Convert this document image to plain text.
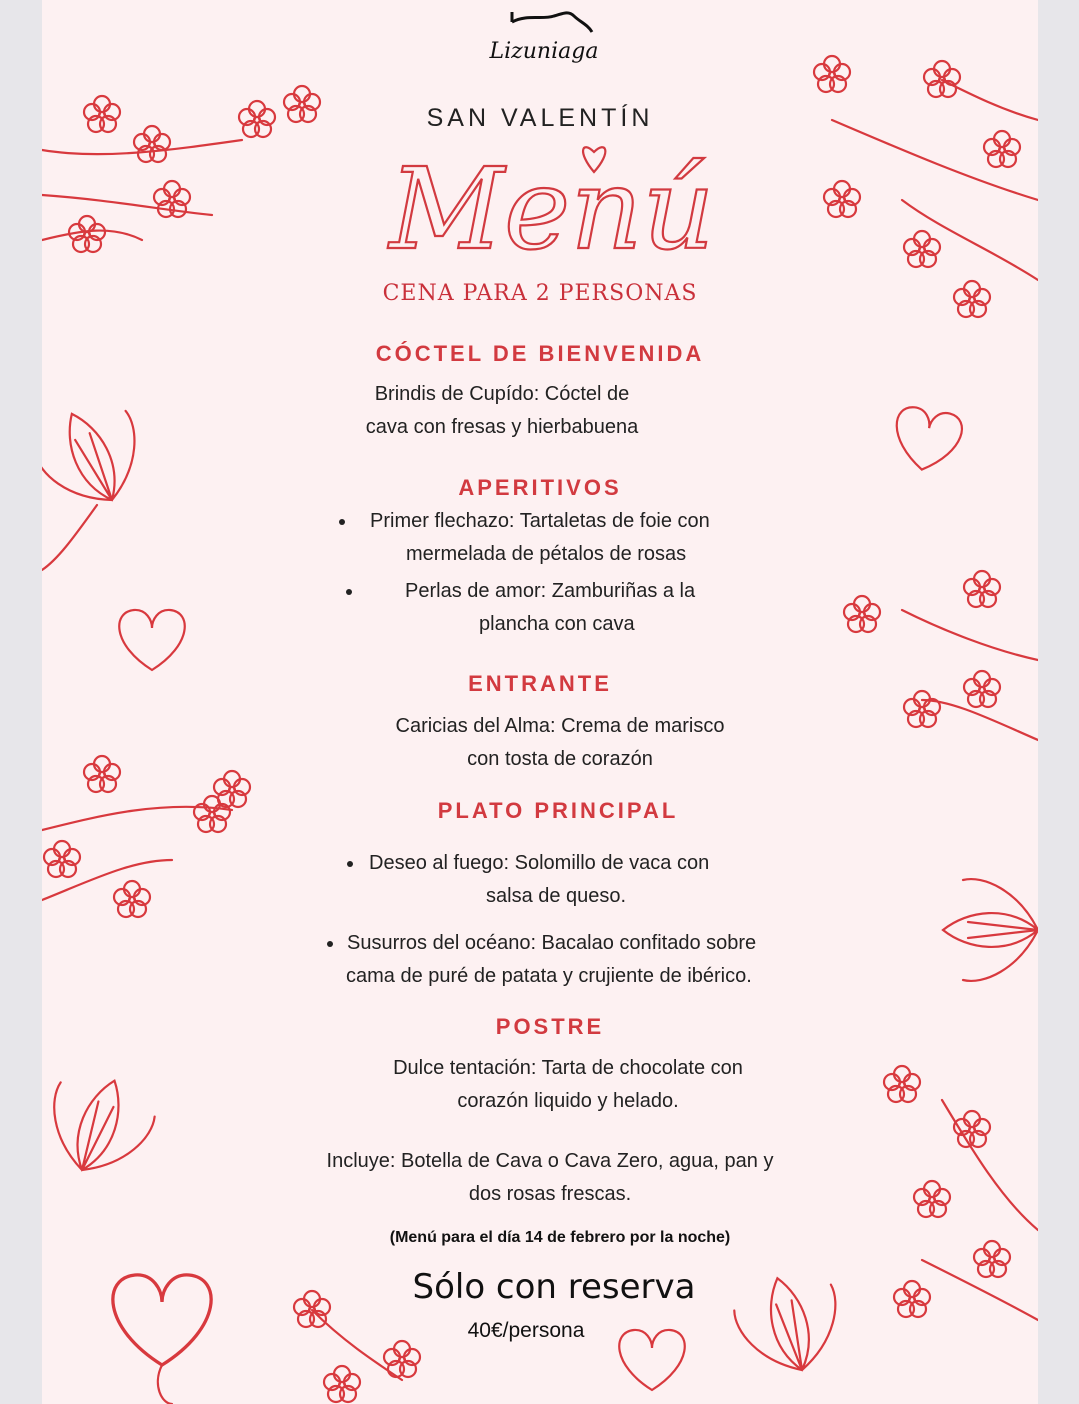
Lizuniaga

SAN VALENTÍN

Menú

CENA PARA 2 PERSONAS

CÓCTEL DE BIENVENIDA

Brindis de Cupído: Cóctel de

cava con fresas y hierbabuena

APERITIVOS

Primer flechazo: Tartaletas de foie con
mermelada de pétalos de rosas
Perlas de amor: Zamburiñas a la
plancha con cava

ENTRANTE

Caricias del Alma: Crema de marisco

con tosta de corazón

PLATO PRINCIPAL

Deseo al fuego: Solomillo de vaca con
salsa de queso.
Susurros del océano: Bacalao confitado sobre
cama de puré de patata y crujiente de ibérico.

POSTRE

Dulce tentación: Tarta de chocolate con

corazón liquido y helado.

Incluye: Botella de Cava o Cava Zero, agua, pan y

dos rosas frescas.

(Menú para el día 14 de febrero por la noche)

Sólo con reserva

40€/persona
